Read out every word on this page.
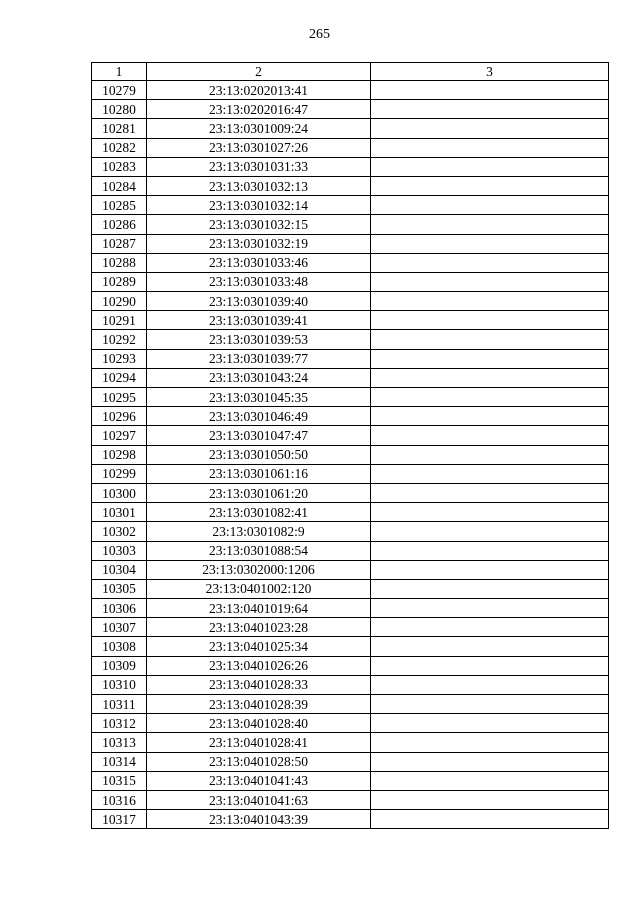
265
1	2	3
10279	23:13:0202013:41	
10280	23:13:0202016:47	
10281	23:13:0301009:24	
10282	23:13:0301027:26	
10283	23:13:0301031:33	
10284	23:13:0301032:13	
10285	23:13:0301032:14	
10286	23:13:0301032:15	
10287	23:13:0301032:19	
10288	23:13:0301033:46	
10289	23:13:0301033:48	
10290	23:13:0301039:40	
10291	23:13:0301039:41	
10292	23:13:0301039:53	
10293	23:13:0301039:77	
10294	23:13:0301043:24	
10295	23:13:0301045:35	
10296	23:13:0301046:49	
10297	23:13:0301047:47	
10298	23:13:0301050:50	
10299	23:13:0301061:16	
10300	23:13:0301061:20	
10301	23:13:0301082:41	
10302	23:13:0301082:9	
10303	23:13:0301088:54	
10304	23:13:0302000:1206	
10305	23:13:0401002:120	
10306	23:13:0401019:64	
10307	23:13:0401023:28	
10308	23:13:0401025:34	
10309	23:13:0401026:26	
10310	23:13:0401028:33	
10311	23:13:0401028:39	
10312	23:13:0401028:40	
10313	23:13:0401028:41	
10314	23:13:0401028:50	
10315	23:13:0401041:43	
10316	23:13:0401041:63	
10317	23:13:0401043:39	
